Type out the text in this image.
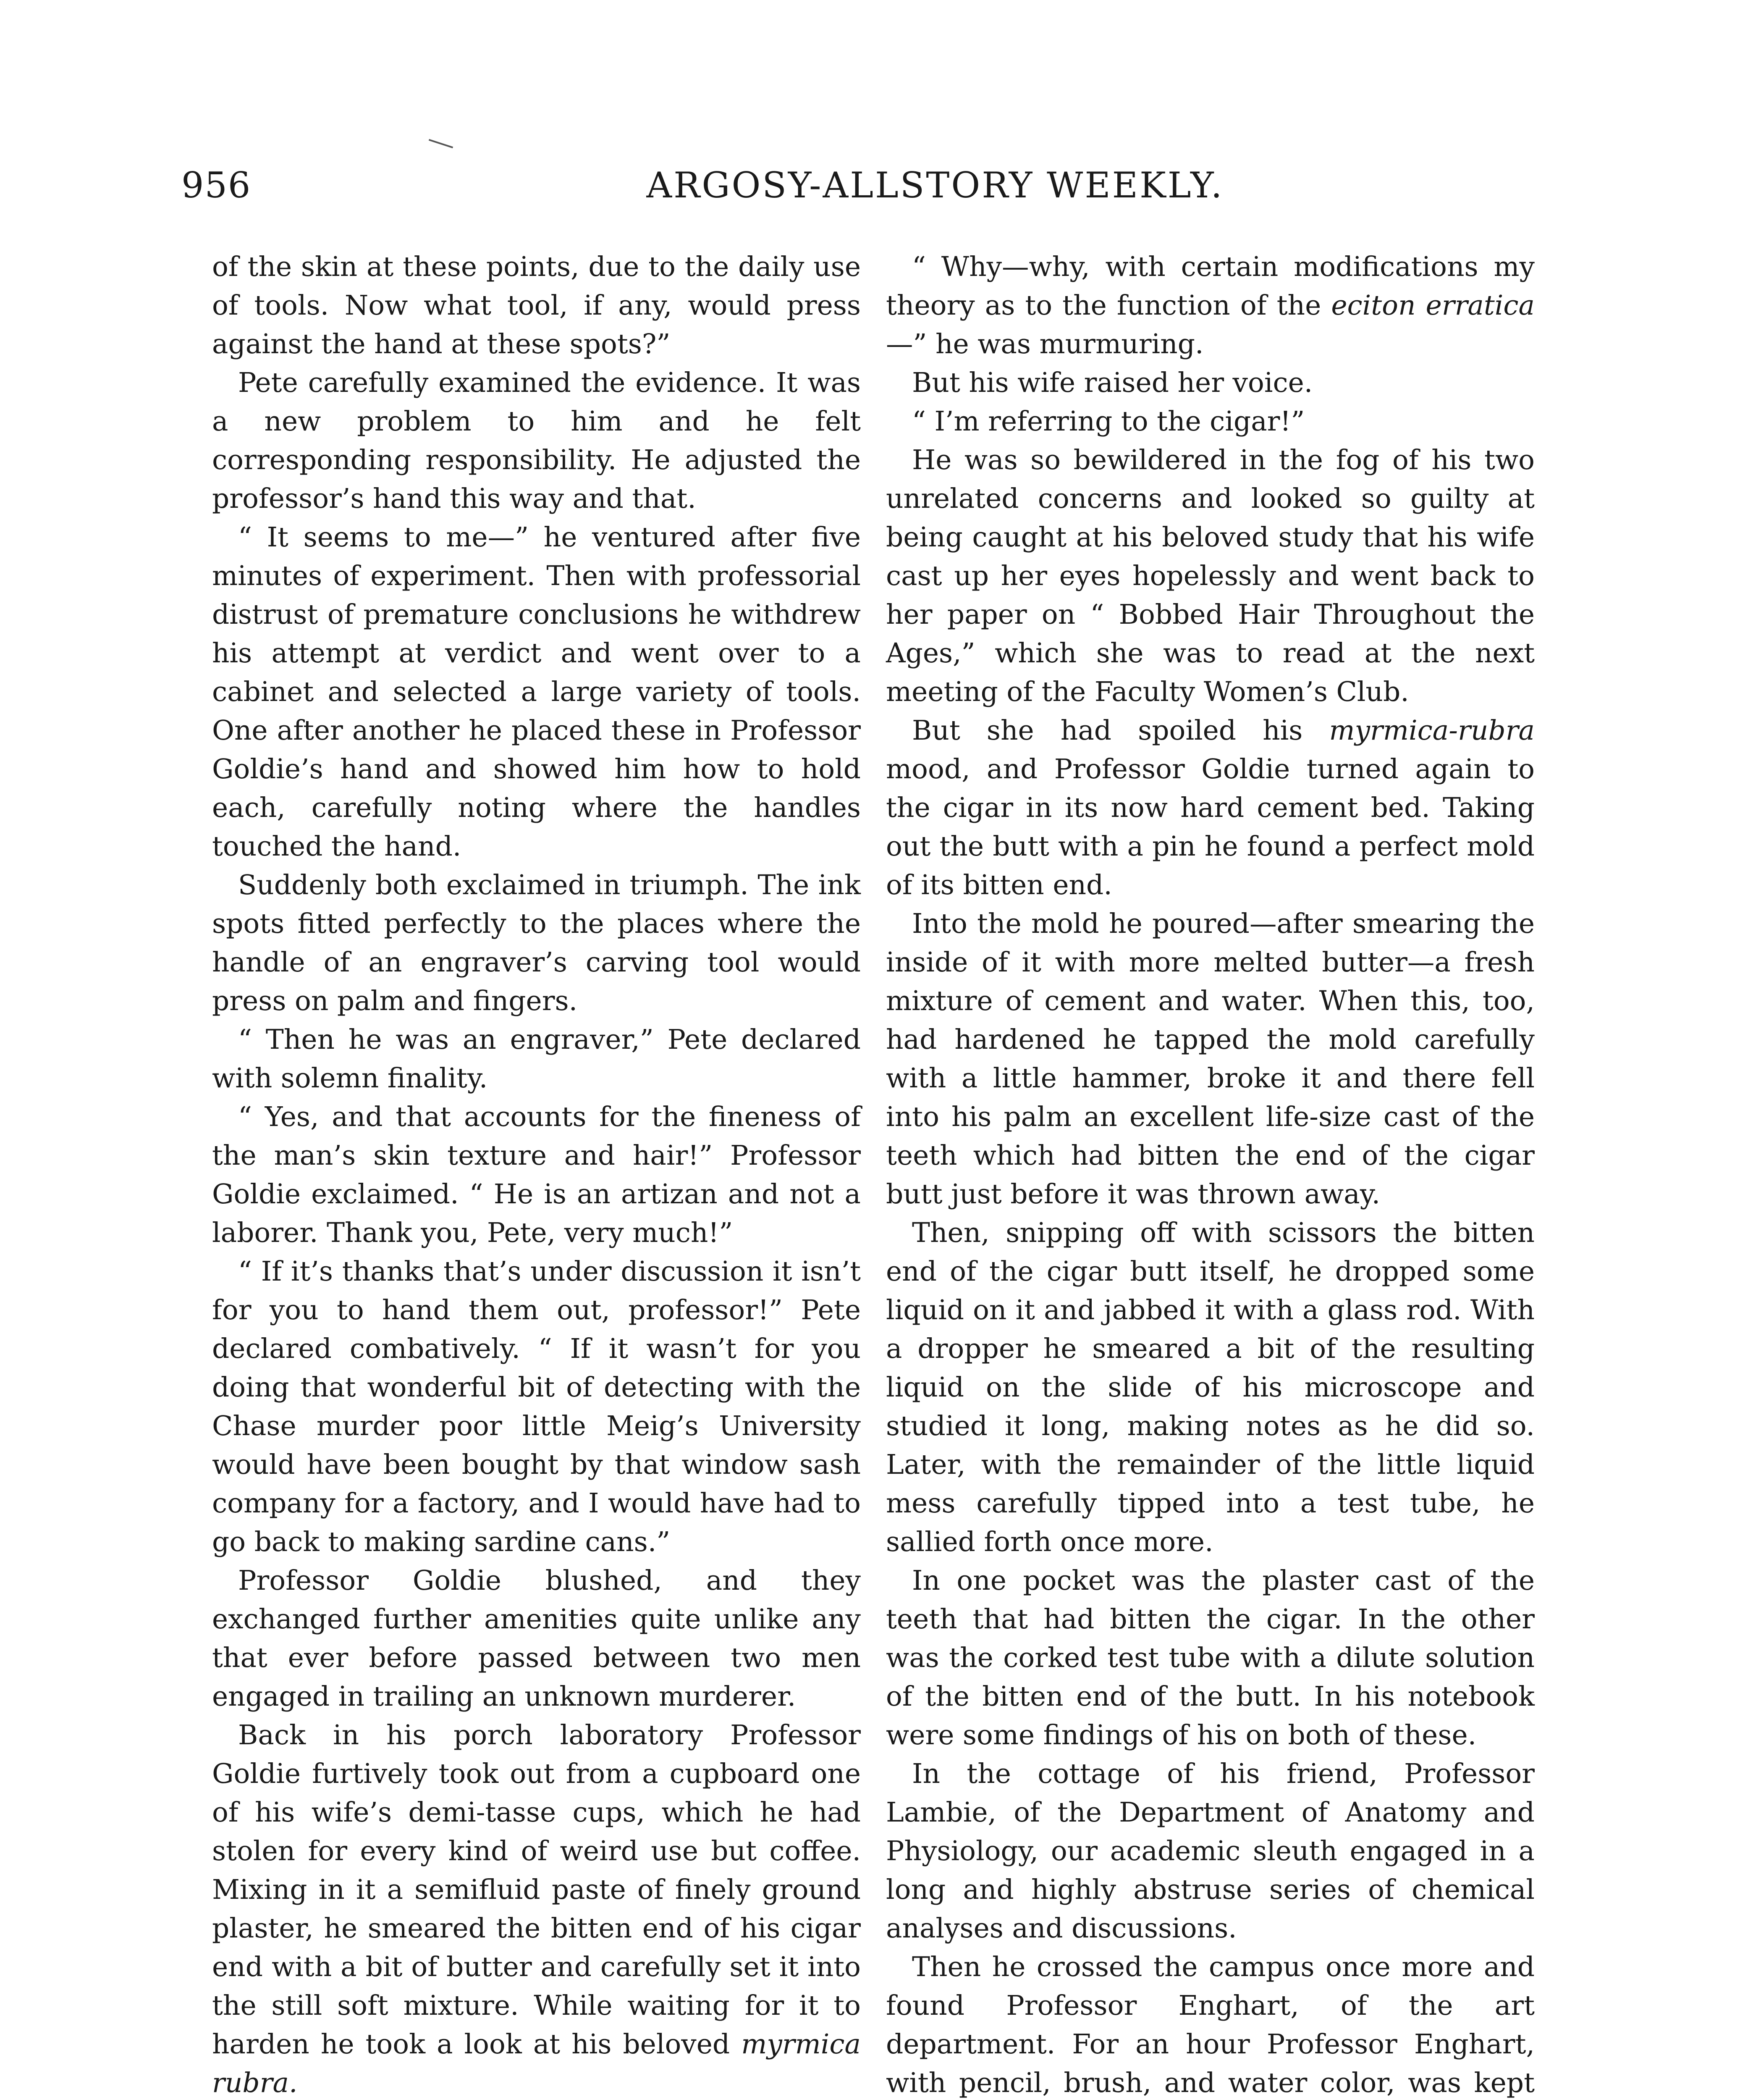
956	ARGOSY-ALLSTORY WEEKLY.

of the skin at these points, due to the daily use of tools. Now what tool, if any, would press against the hand at these spots?”

Pete carefully examined the evidence. It was a new problem to him and he felt corresponding responsibility. He adjusted the professor’s hand this way and that.

“ It seems to me—” he ventured after five minutes of experiment. Then with professorial distrust of premature conclusions he withdrew his attempt at verdict and went over to a cabinet and selected a large variety of tools. One after another he placed these in Professor Goldie’s hand and showed him how to hold each, carefully noting where the handles touched the hand.

Suddenly both exclaimed in triumph. The ink spots fitted perfectly to the places where the handle of an engraver’s carving tool would press on palm and fingers.

“ Then he was an engraver,” Pete declared with solemn finality.

“ Yes, and that accounts for the fineness of the man’s skin texture and hair!” Professor Goldie exclaimed. “ He is an artizan and not a laborer. Thank you, Pete, very much!”

“ If it’s thanks that’s under discussion it isn’t for you to hand them out, professor!” Pete declared combatively. “ If it wasn’t for you doing that wonderful bit of detecting with the Chase murder poor little Meig’s University would have been bought by that window sash company for a factory, and I would have had to go back to making sardine cans.”

Professor Goldie blushed, and they exchanged further amenities quite unlike any that ever before passed between two men engaged in trailing an unknown murderer.

Back in his porch laboratory Professor Goldie furtively took out from a cupboard one of his wife’s demi-tasse cups, which he had stolen for every kind of weird use but coffee. Mixing in it a semifluid paste of finely ground plaster, he smeared the bitten end of his cigar end with a bit of butter and carefully set it into the still soft mixture. While waiting for it to harden he took a look at his beloved myrmica rubra.

“ Why—why, with certain modifications my theory as to the function of the eciton erratica—” he was murmuring.

But his wife raised her voice.

“ I’m referring to the cigar!”

He was so bewildered in the fog of his two unrelated concerns and looked so guilty at being caught at his beloved study that his wife cast up her eyes hopelessly and went back to her paper on “ Bobbed Hair Throughout the Ages,” which she was to read at the next meeting of the Faculty Women’s Club.

But she had spoiled his myrmica-rubra mood, and Professor Goldie turned again to the cigar in its now hard cement bed. Taking out the butt with a pin he found a perfect mold of its bitten end.

Into the mold he poured—after smearing the inside of it with more melted butter—a fresh mixture of cement and water. When this, too, had hardened he tapped the mold carefully with a little hammer, broke it and there fell into his palm an excellent life-size cast of the teeth which had bitten the end of the cigar butt just before it was thrown away.

Then, snipping off with scissors the bitten end of the cigar butt itself, he dropped some liquid on it and jabbed it with a glass rod. With a dropper he smeared a bit of the resulting liquid on the slide of his microscope and studied it long, making notes as he did so. Later, with the remainder of the little liquid mess carefully tipped into a test tube, he sallied forth once more.

In one pocket was the plaster cast of the teeth that had bitten the cigar. In the other was the corked test tube with a dilute solution of the bitten end of the butt. In his notebook were some findings of his on both of these.

In the cottage of his friend, Professor Lambie, of the Department of Anatomy and Physiology, our academic sleuth engaged in a long and highly abstruse series of chemical analyses and discussions.

Then he crossed the campus once more and found Professor Enghart, of the art department. For an hour Professor Enghart, with pencil, brush, and water color, was kept
